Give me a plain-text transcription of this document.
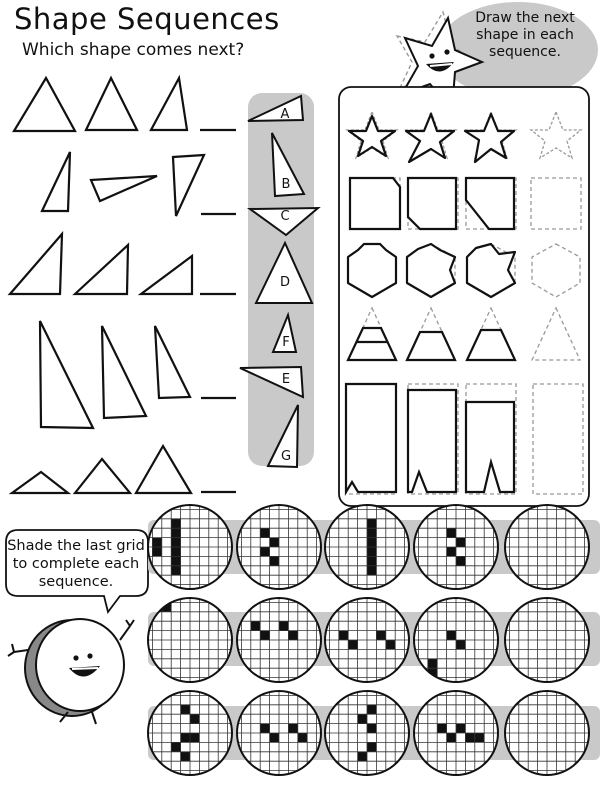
Shape Sequences
Which shape comes next?
A
B
C
D
E
F
G
Draw the next shape in each sequence.
Shade the last grid to complete each sequence.
